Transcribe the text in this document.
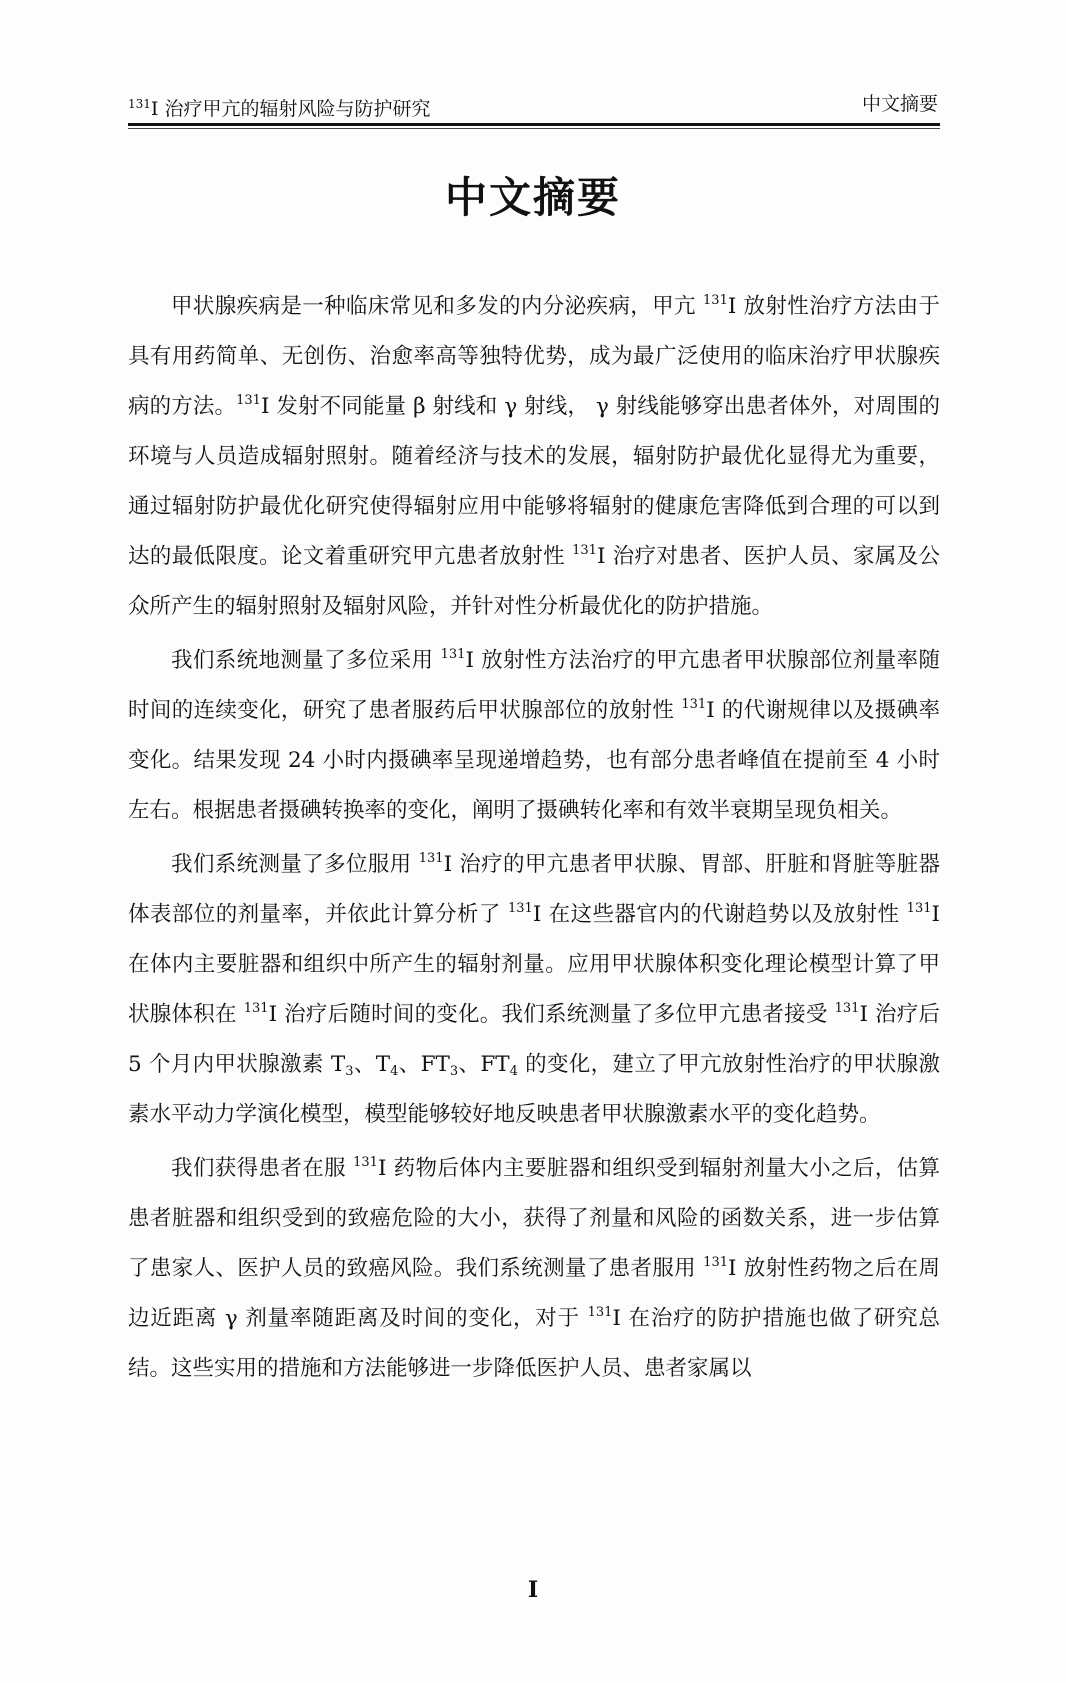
$^{131}$I 治疗甲亢的辐射风险与防护研究	中文摘要
中文摘要

甲状腺疾病是一种临床常见和多发的内分泌疾病，甲亢 $^{131}$I 放射性治疗方法由于具有用药简单、无创伤、治愈率高等独特优势，成为最广泛使用的临床治疗甲状腺疾病的方法。$^{131}$I 发射不同能量 β 射线和 γ 射线， γ 射线能够穿出患者体外，对周围的环境与人员造成辐射照射。随着经济与技术的发展，辐射防护最优化显得尤为重要，通过辐射防护最优化研究使得辐射应用中能够将辐射的健康危害降低到合理的可以到达的最低限度。论文着重研究甲亢患者放射性 $^{131}$I 治疗对患者、医护人员、家属及公众所产生的辐射照射及辐射风险，并针对性分析最优化的防护措施。

我们系统地测量了多位采用 $^{131}$I 放射性方法治疗的甲亢患者甲状腺部位剂量率随时间的连续变化，研究了患者服药后甲状腺部位的放射性 $^{131}$I 的代谢规律以及摄碘率变化。结果发现 24 小时内摄碘率呈现递增趋势，也有部分患者峰值在提前至 4 小时左右。根据患者摄碘转换率的变化，阐明了摄碘转化率和有效半衰期呈现负相关。

我们系统测量了多位服用 $^{131}$I 治疗的甲亢患者甲状腺、胃部、肝脏和肾脏等脏器体表部位的剂量率，并依此计算分析了 $^{131}$I 在这些器官内的代谢趋势以及放射性 $^{131}$I 在体内主要脏器和组织中所产生的辐射剂量。应用甲状腺体积变化理论模型计算了甲状腺体积在 $^{131}$I 治疗后随时间的变化。我们系统测量了多位甲亢患者接受 $^{131}$I 治疗后 5 个月内甲状腺激素 $T_3$、$T_4$、$FT_3$、$FT_4$ 的变化，建立了甲亢放射性治疗的甲状腺激素水平动力学演化模型，模型能够较好地反映患者甲状腺激素水平的变化趋势。

我们获得患者在服 $^{131}$I 药物后体内主要脏器和组织受到辐射剂量大小之后，估算患者脏器和组织受到的致癌危险的大小，获得了剂量和风险的函数关系，进一步估算了患家人、医护人员的致癌风险。我们系统测量了患者服用 $^{131}$I 放射性药物之后在周边近距离 γ 剂量率随距离及时间的变化，对于 $^{131}$I 在治疗的防护措施也做了研究总结。这些实用的措施和方法能够进一步降低医护人员、患者家属以

I
